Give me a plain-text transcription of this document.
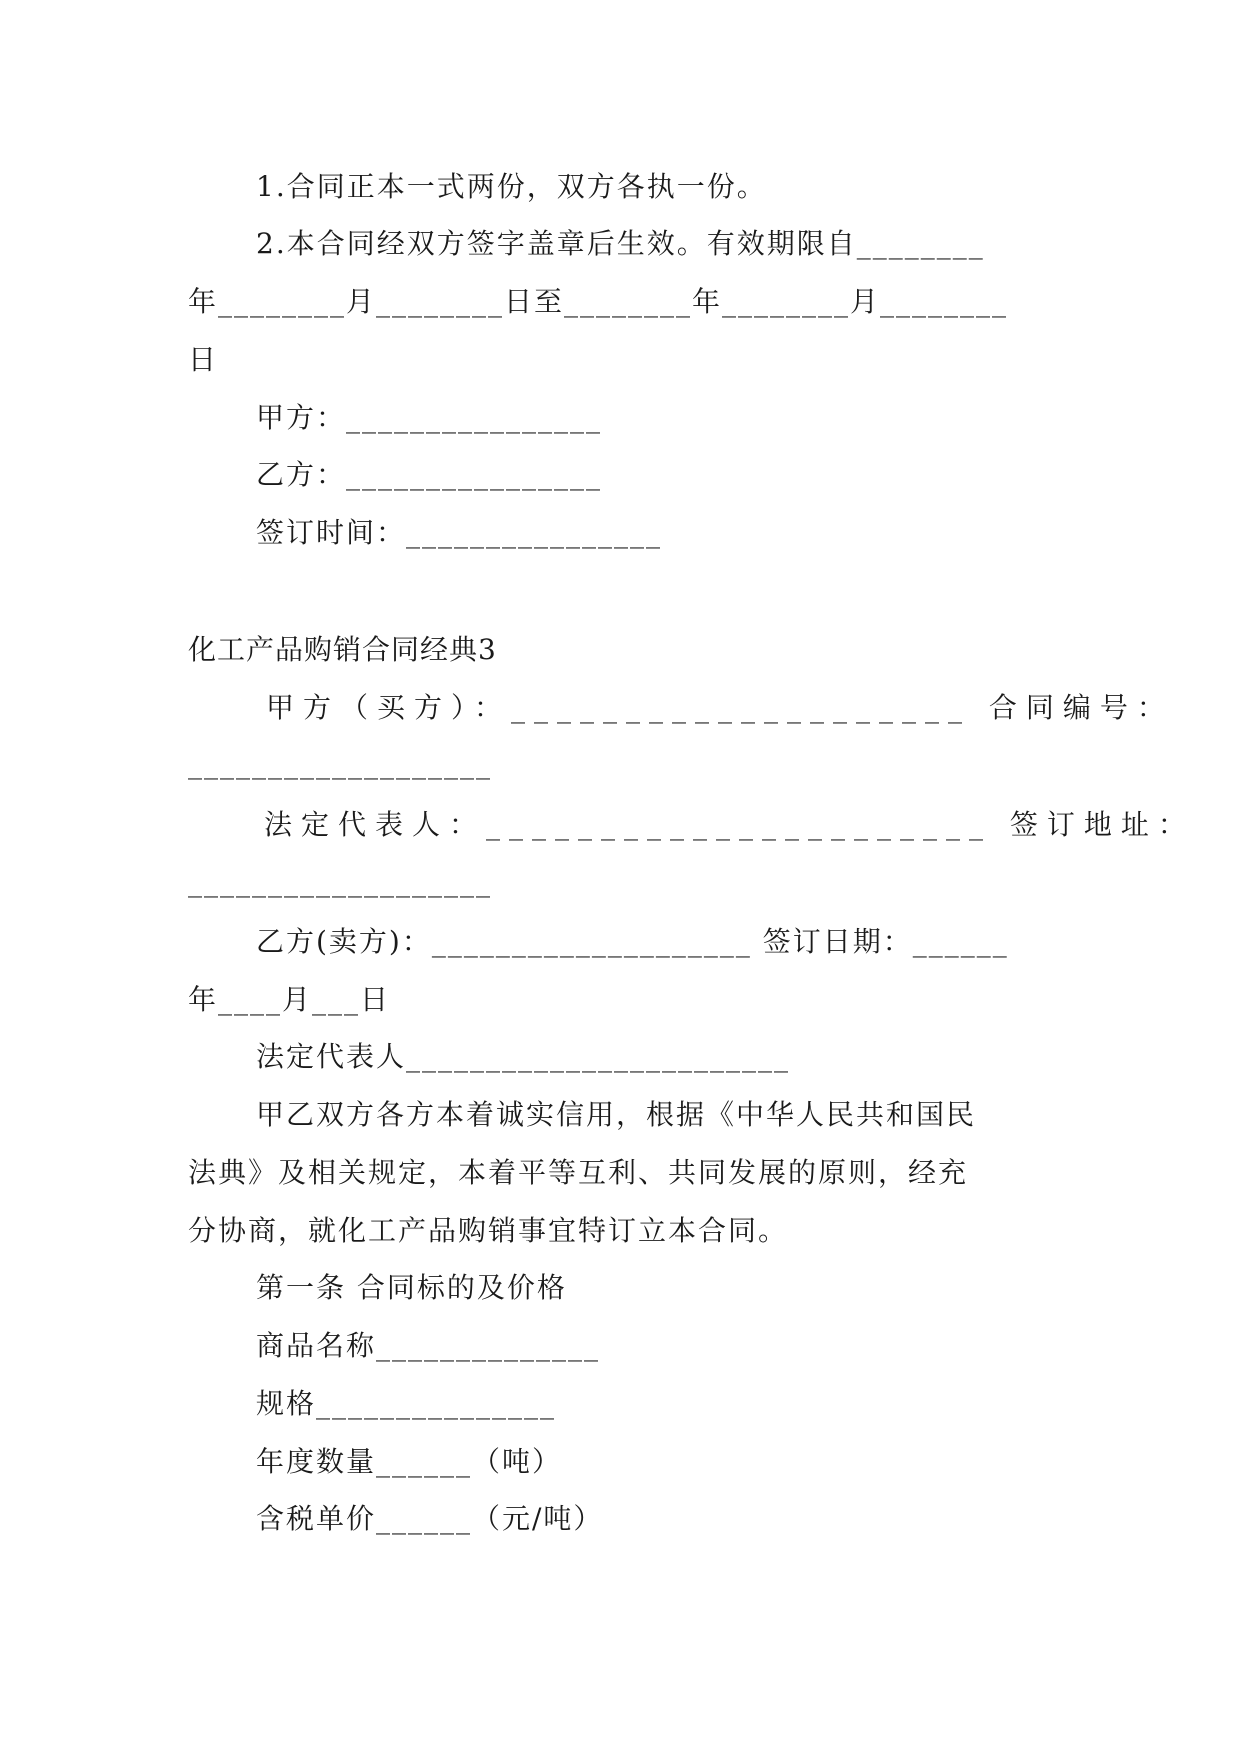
1.合同正本一式两份，双方各执一份。
2.本合同经双方签字盖章后生效。有效期限自________
年________月________日至________年________月________
日
甲方：________________
乙方：________________
签订时间：________________
化工产品购销合同经典3
甲方（买方）：____________________ 合同编号：
___________________
法定代表人：______________________ 签订地址：
___________________
乙方(卖方)：____________________ 签订日期：______
年____月___日
法定代表人________________________
甲乙双方各方本着诚实信用，根据《中华人民共和国民
法典》及相关规定，本着平等互利、共同发展的原则，经充
分协商，就化工产品购销事宜特订立本合同。
第一条 合同标的及价格
商品名称______________
规格_______________
年度数量______（吨）
含税单价______（元/吨）
